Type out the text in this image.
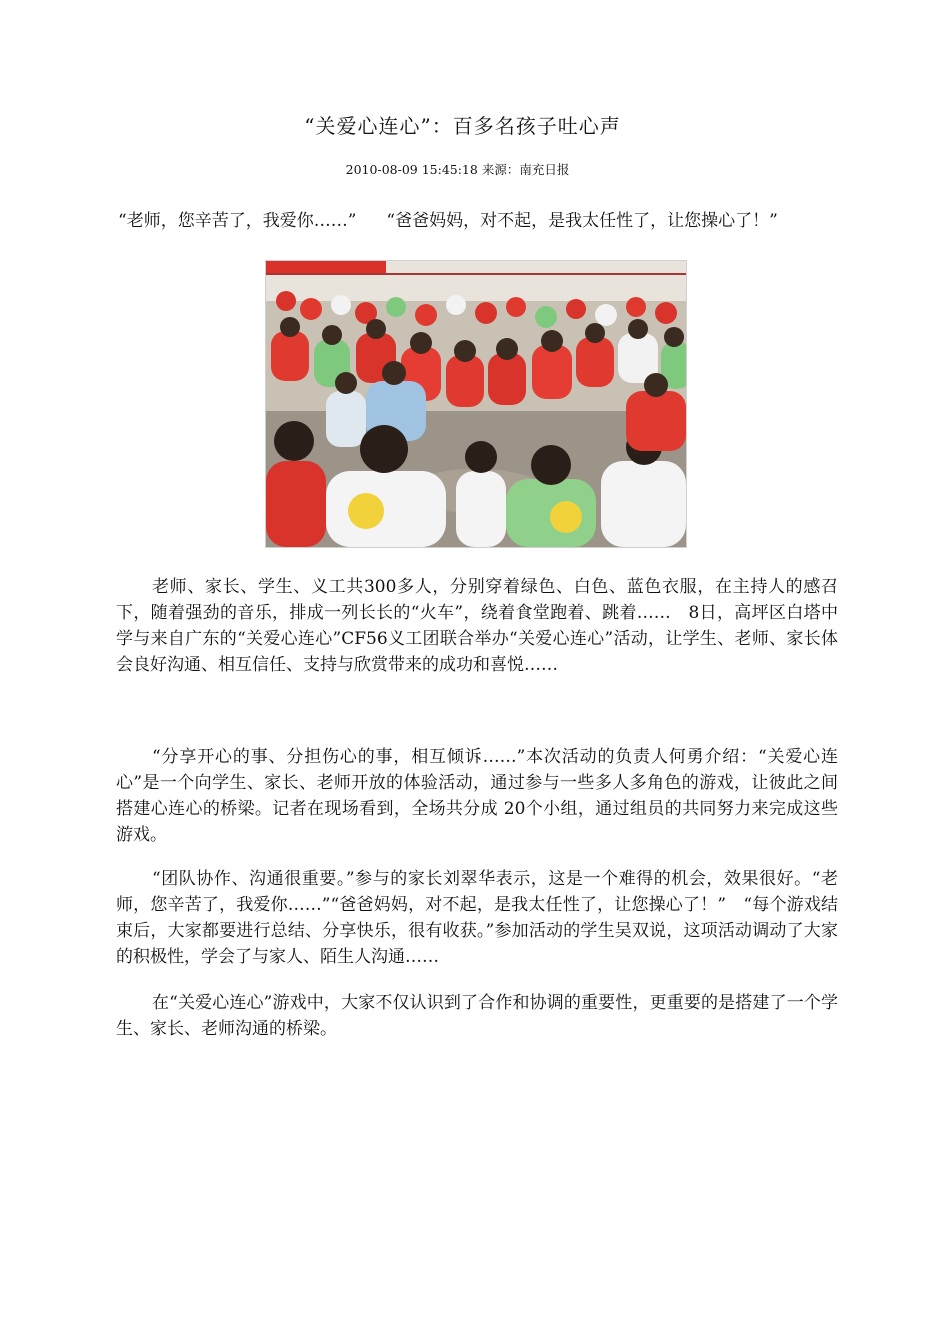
“关爱心连心”：百多名孩子吐心声
2010-08-09 15:45:18 来源：南充日报
“老师，您辛苦了，我爱你……” “爸爸妈妈，对不起，是我太任性了，让您操心了！”

老师、家长、学生、义工共300多人，分别穿着绿色、白色、蓝色衣服，在主持人的感召下，随着强劲的音乐，排成一列长长的“火车”，绕着食堂跑着、跳着……　8日，高坪区白塔中学与来自广东的“关爱心连心”CF56义工团联合举办“关爱心连心”活动，让学生、老师、家长体会良好沟通、相互信任、支持与欣赏带来的成功和喜悦……

“分享开心的事、分担伤心的事，相互倾诉……”本次活动的负责人何勇介绍：“关爱心连心”是一个向学生、家长、老师开放的体验活动，通过参与一些多人多角色的游戏，让彼此之间搭建心连心的桥梁。记者在现场看到，全场共分成 20个小组，通过组员的共同努力来完成这些游戏。

“团队协作、沟通很重要。”参与的家长刘翠华表示，这是一个难得的机会，效果很好。“老师，您辛苦了，我爱你……”“爸爸妈妈，对不起，是我太任性了，让您操心了！”　“每个游戏结束后，大家都要进行总结、分享快乐，很有收获。”参加活动的学生吴双说，这项活动调动了大家的积极性，学会了与家人、陌生人沟通……

在“关爱心连心”游戏中，大家不仅认识到了合作和协调的重要性，更重要的是搭建了一个学生、家长、老师沟通的桥梁。
